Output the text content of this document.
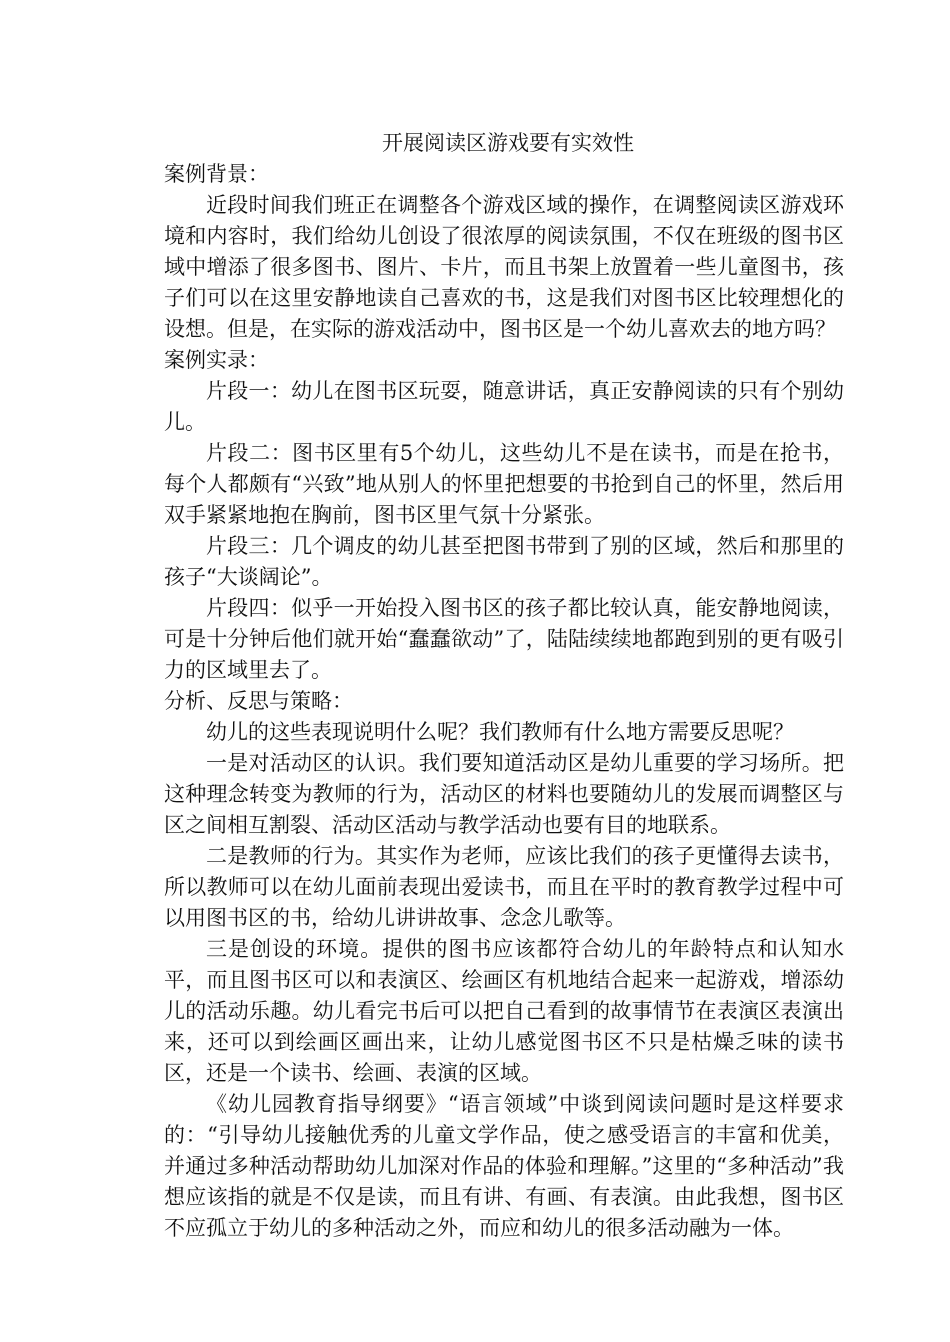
开展阅读区游戏要有实效性

案例背景：

近段时间我们班正在调整各个游戏区域的操作，在调整阅读区游戏环境和内容时，我们给幼儿创设了很浓厚的阅读氛围，不仅在班级的图书区域中增添了很多图书、图片、卡片，而且书架上放置着一些儿童图书，孩子们可以在这里安静地读自己喜欢的书，这是我们对图书区比较理想化的设想。但是，在实际的游戏活动中，图书区是一个幼儿喜欢去的地方吗？

案例实录：

片段一：幼儿在图书区玩耍，随意讲话，真正安静阅读的只有个别幼儿。

片段二：图书区里有5个幼儿，这些幼儿不是在读书，而是在抢书，每个人都颇有“兴致”地从别人的怀里把想要的书抢到自己的怀里，然后用双手紧紧地抱在胸前，图书区里气氛十分紧张。

片段三：几个调皮的幼儿甚至把图书带到了别的区域，然后和那里的孩子“大谈阔论”。

片段四：似乎一开始投入图书区的孩子都比较认真，能安静地阅读，可是十分钟后他们就开始“蠢蠢欲动”了，陆陆续续地都跑到别的更有吸引力的区域里去了。

分析、反思与策略：

幼儿的这些表现说明什么呢？我们教师有什么地方需要反思呢？

一是对活动区的认识。我们要知道活动区是幼儿重要的学习场所。把这种理念转变为教师的行为，活动区的材料也要随幼儿的发展而调整区与区之间相互割裂、活动区活动与教学活动也要有目的地联系。

二是教师的行为。其实作为老师，应该比我们的孩子更懂得去读书，所以教师可以在幼儿面前表现出爱读书，而且在平时的教育教学过程中可以用图书区的书，给幼儿讲讲故事、念念儿歌等。

三是创设的环境。提供的图书应该都符合幼儿的年龄特点和认知水平，而且图书区可以和表演区、绘画区有机地结合起来一起游戏，增添幼儿的活动乐趣。幼儿看完书后可以把自己看到的故事情节在表演区表演出来，还可以到绘画区画出来，让幼儿感觉图书区不只是枯燥乏味的读书区，还是一个读书、绘画、表演的区域。

《幼儿园教育指导纲要》“语言领域”中谈到阅读问题时是这样要求的：“引导幼儿接触优秀的儿童文学作品，使之感受语言的丰富和优美，并通过多种活动帮助幼儿加深对作品的体验和理解。”这里的“多种活动”我想应该指的就是不仅是读，而且有讲、有画、有表演。由此我想，图书区不应孤立于幼儿的多种活动之外，而应和幼儿的很多活动融为一体。
